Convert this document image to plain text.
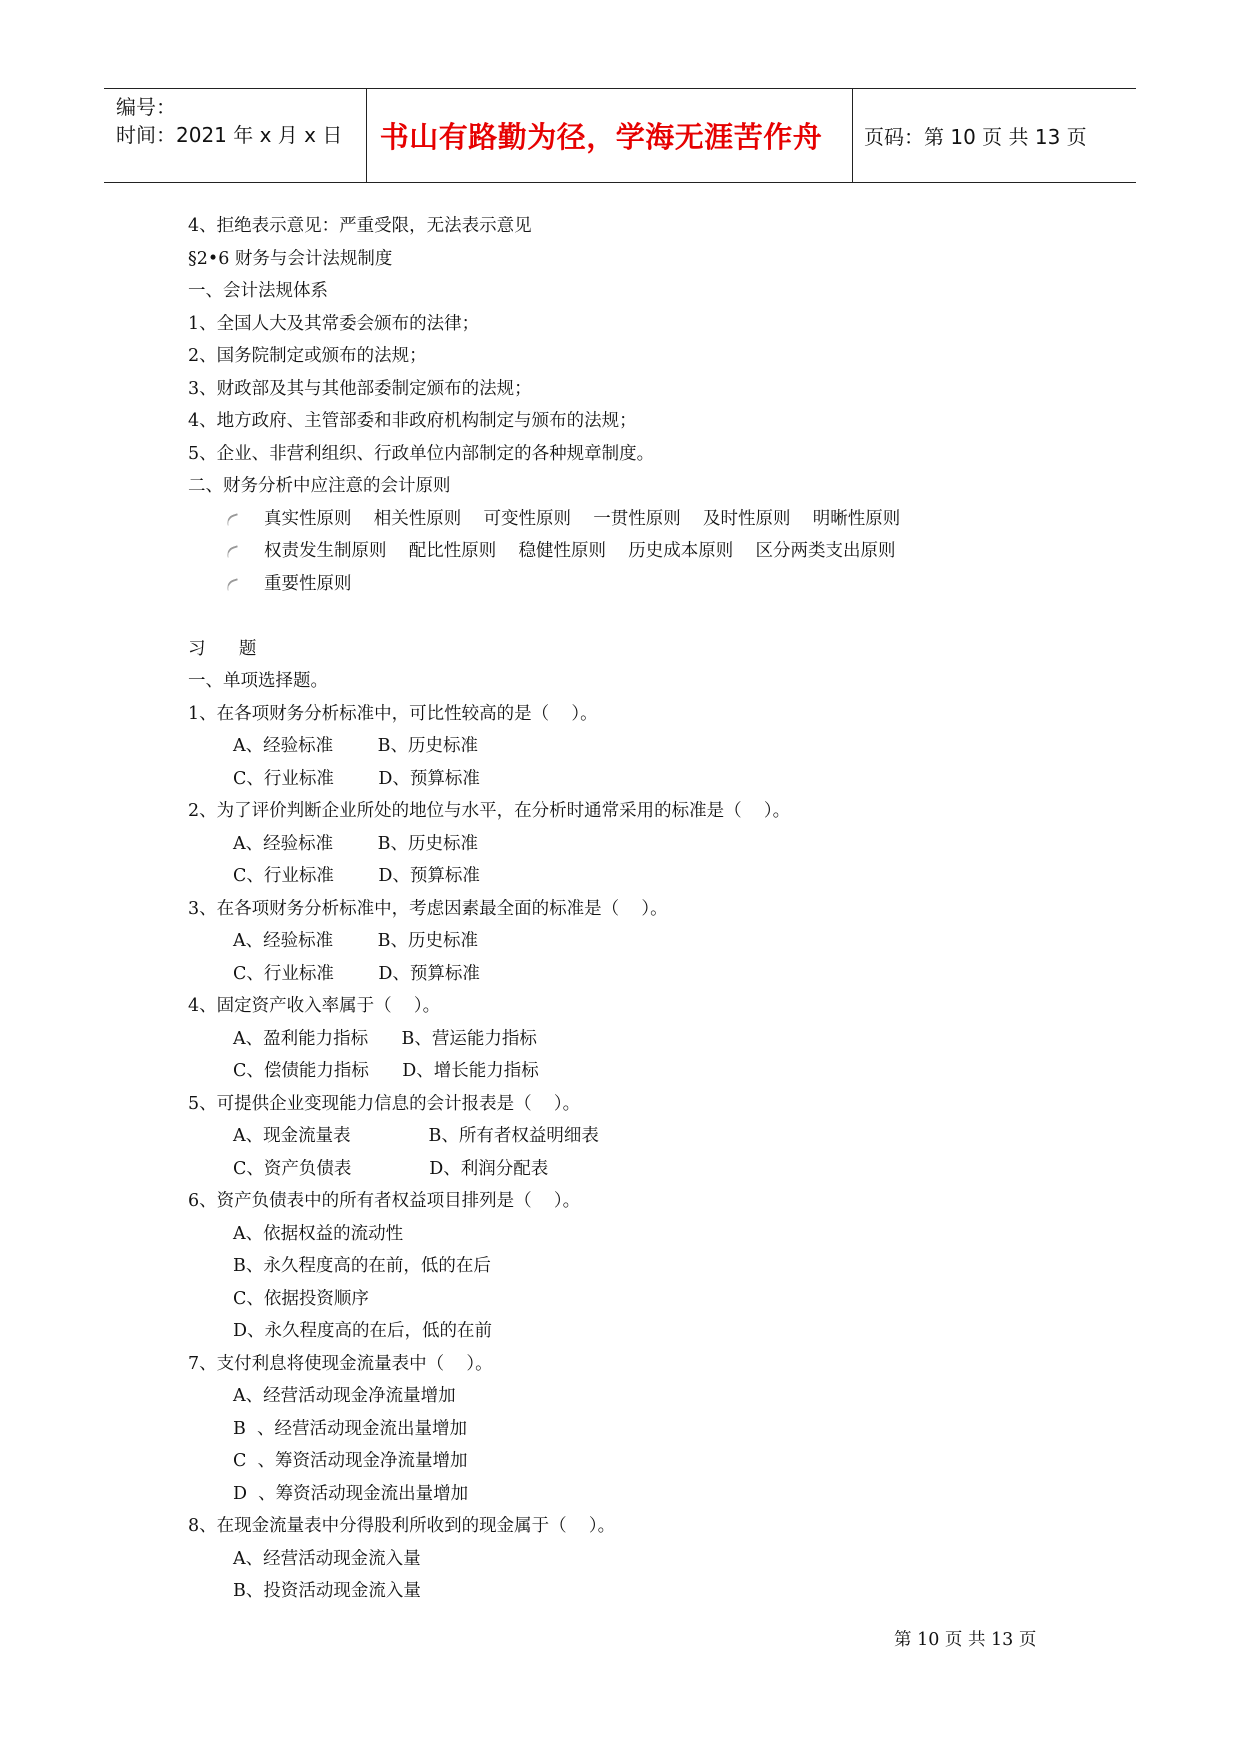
编号：
时间：2021 年 x 月 x 日	书山有路勤为径，学海无涯苦作舟	页码：第 10 页 共 13 页
4、拒绝表示意见：严重受限，无法表示意见
§2•6 财务与会计法规制度
一、会计法规体系
1、全国人大及其常委会颁布的法律；
2、国务院制定或颁布的法规；
3、财政部及其与其他部委制定颁布的法规；
4、地方政府、主管部委和非政府机构制定与颁布的法规；
5、企业、非营利组织、行政单位内部制定的各种规章制度。
二、财务分析中应注意的会计原则
真实性原则    相关性原则    可变性原则    一贯性原则    及时性原则    明晰性原则
权责发生制原则    配比性原则    稳健性原则    历史成本原则    区分两类支出原则
重要性原则
习      题
一、单项选择题。
1、在各项财务分析标准中，可比性较高的是（    ）。
A、经验标准        B、历史标准
C、行业标准        D、预算标准
2、为了评价判断企业所处的地位与水平，在分析时通常采用的标准是（    ）。
A、经验标准        B、历史标准
C、行业标准        D、预算标准
3、在各项财务分析标准中，考虑因素最全面的标准是（    ）。
A、经验标准        B、历史标准
C、行业标准        D、预算标准
4、固定资产收入率属于（    ）。
A、盈利能力指标      B、营运能力指标
C、偿债能力指标      D、增长能力指标
5、可提供企业变现能力信息的会计报表是（    ）。
A、现金流量表              B、所有者权益明细表
C、资产负债表              D、利润分配表
6、资产负债表中的所有者权益项目排列是（    ）。
A、依据权益的流动性
B、永久程度高的在前，低的在后
C、依据投资顺序
D、永久程度高的在后，低的在前
7、支付利息将使现金流量表中（    ）。
A、经营活动现金净流量增加
B  、经营活动现金流出量增加
C  、筹资活动现金净流量增加
D  、筹资活动现金流出量增加
8、在现金流量表中分得股利所收到的现金属于（    ）。
A、经营活动现金流入量
B、投资活动现金流入量
第 10 页 共 13 页
